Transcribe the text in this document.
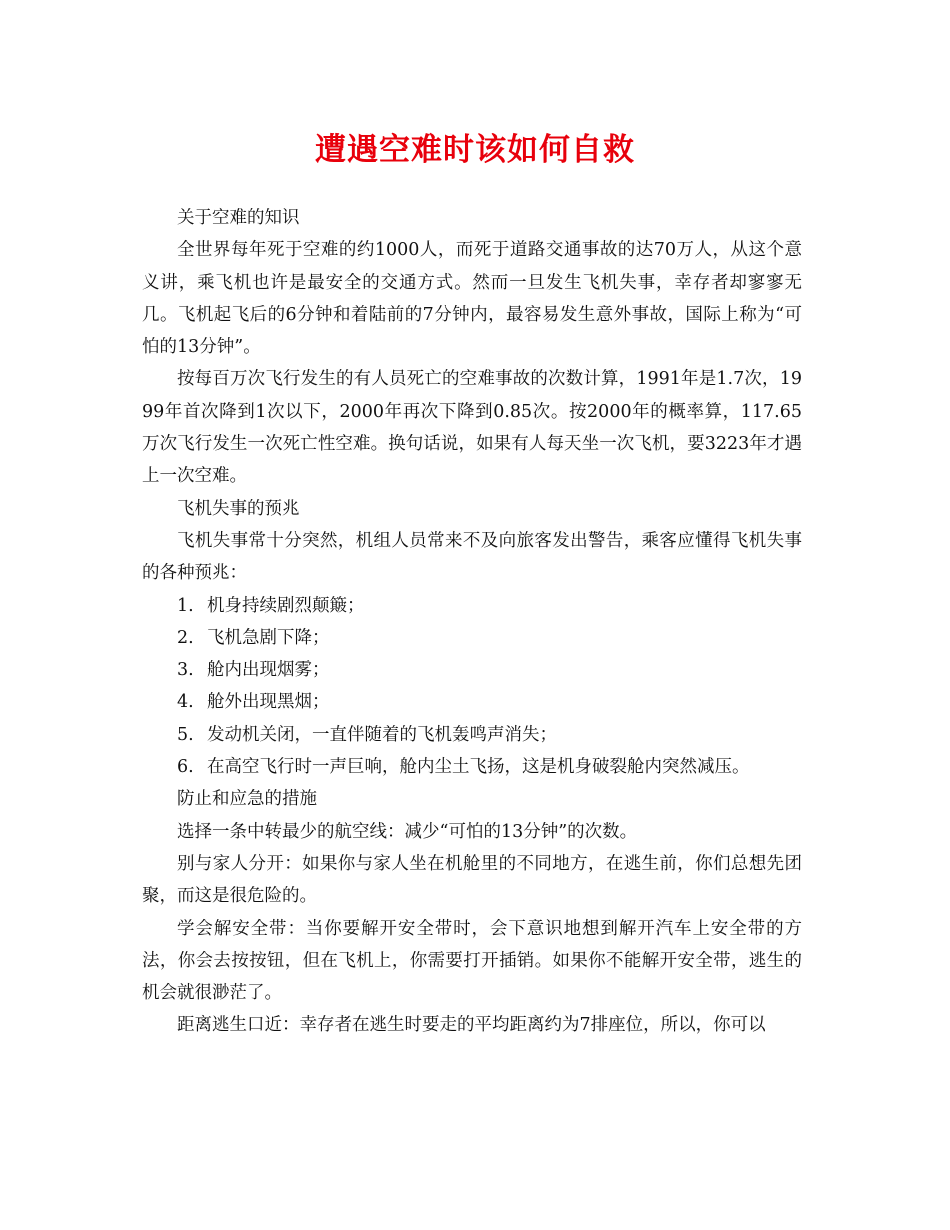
遭遇空难时该如何自救

关于空难的知识

全世界每年死于空难的约1000人，而死于道路交通事故的达70万人，从这个意义讲，乘飞机也许是最安全的交通方式。然而一旦发生飞机失事，幸存者却寥寥无几。飞机起飞后的6分钟和着陆前的7分钟内，最容易发生意外事故，国际上称为“可怕的13分钟”。

按每百万次飞行发生的有人员死亡的空难事故的次数计算，1991年是1.7次，1999年首次降到1次以下，2000年再次下降到0.85次。按2000年的概率算，117.65万次飞行发生一次死亡性空难。换句话说，如果有人每天坐一次飞机，要3223年才遇上一次空难。

飞机失事的预兆

飞机失事常十分突然，机组人员常来不及向旅客发出警告，乘客应懂得飞机失事的各种预兆：

1. 机身持续剧烈颠簸；

2. 飞机急剧下降；

3. 舱内出现烟雾；

4. 舱外出现黑烟；

5. 发动机关闭，一直伴随着的飞机轰鸣声消失；

6. 在高空飞行时一声巨响，舱内尘土飞扬，这是机身破裂舱内突然减压。

防止和应急的措施

选择一条中转最少的航空线：减少“可怕的13分钟”的次数。

别与家人分开：如果你与家人坐在机舱里的不同地方，在逃生前，你们总想先团聚，而这是很危险的。

学会解安全带：当你要解开安全带时，会下意识地想到解开汽车上安全带的方法，你会去按按钮，但在飞机上，你需要打开插销。如果你不能解开安全带，逃生的机会就很渺茫了。

距离逃生口近：幸存者在逃生时要走的平均距离约为7排座位，所以，你可以
